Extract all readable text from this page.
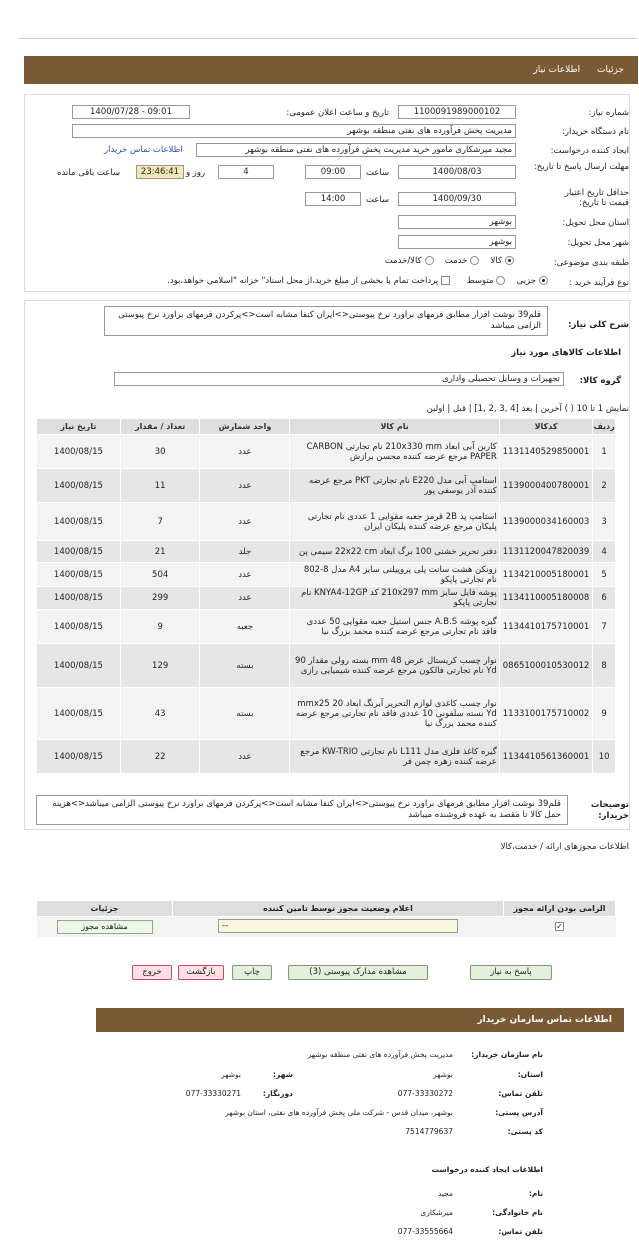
جزئیات اطلاعات نیاز
شماره نیاز:
1100091989000102
تاریخ و ساعت اعلان عمومی:
1400/07/28 - 09:01
نام دستگاه خریدار:
مدیریت پخش فرآورده های نفتی منطقه بوشهر
ایجاد کننده درخواست:
مجید میرشکاری مامور خرید مدیریت پخش فرآورده های نفتی منطقه بوشهر
اطلاعات تماس خریدار
مهلت ارسال پاسخ تا تاریخ:
1400/08/03
ساعت
09:00
4
روز و
23:46:41
ساعت باقی مانده
حداقل تاریخ اعتبار قیمت تا تاریخ:
1400/09/30
ساعت
14:00
استان محل تحویل:
بوشهر
شهر محل تحویل:
بوشهر
طبقه بندی موضوعی:
کالا   خدمت   کالا/خدمت
نوع فرآیند خرید :
جزیی   متوسط     پرداخت تمام یا بخشی از مبلغ خرید،از محل اسناد" خزانه "اسلامی خواهد،بود.
شرح کلی نیاز:
قلم39 نوشت افزار مطابق فرمهای براورد نرخ پیوستی<>ایران کنفا مشابه است<>پرکردن فرمهای براورد نرخ پیوستی الزامی میباشد
اطلاعات کالاهای مورد نیاز
گروه کالا:
تجهیزات و وسایل تحصیلی واداری
نمایش 1 تا 10 ( ) آخرین | بعد [4 ,3 ,2 ,1] | قبل | اولین
ردیف	کدکالا	نام کالا	واحد شمارش	تعداد / مقدار	تاریخ نیاز
1	1131140529850001	کاربن آبی ابعاد 210x330 mm نام تجارتی CARBON PAPER مرجع عرضه کننده محسن برازش	عدد	30	1400/08/15
2	1139000400780001	استامپ آبی مدل E220 نام تجارتی PKT مرجع عرضه کننده آذر یوسفی پور	عدد	11	1400/08/15
3	1139000034160003	استامپ پد 2B قرمز جعبه مقوایی 1 عددی نام تجارتی پلیکان مرجع عرضه کننده پلیکان ایران	عدد	7	1400/08/15
4	1131120047820039	دفتر تحریر خشتی 100 برگ ابعاد 22x22 cm سیمی پن	جلد	21	1400/08/15
5	1134210005180001	زونکن هشت سانت پلی پروپیلنی سایز A4 مدل 8-802 نام تجارتی پاپکو	عدد	504	1400/08/15
6	1134110005180008	پوشه فایل سایز 210x297 mm کد KNYA4-12GP نام تجارتی پاپکو	عدد	299	1400/08/15
7	1134410175710001	گیره پوشه A.B.S جنس استیل جعبه مقوایی 50 عددی فاقد نام تجارتی مرجع عرضه کننده محمد بزرگ نیا	جعبه	9	1400/08/15
8	0865100010530012	نوار چسب کریستال عرض 48 mm بسته رولی مقدار 90 Yd نام تجارتی فالکون مرجع عرضه کننده شیمیایی رازی	بسته	129	1400/08/15
9	1133100175710002	نوار چسب کاغذی لوازم التحریر آبرنگ ابعاد 20 mmx25 Yd بسته سلفونی 10 عددی فاقد نام تجارتی مرجع عرضه کننده محمد بزرگ نیا	بسته	43	1400/08/15
10	1134410561360001	گیره کاغذ فلزی مدل L111 نام تجارتی KW-TRIO مرجع عرضه کننده زهره چمن فر	عدد	22	1400/08/15
توضیحات خریدار:
قلم39 نوشت افزار مطابق فرمهای براورد نرخ پیوستی<>ایران کنفا مشابه است<>پرکردن فرمهای براورد نرخ پیوستی الزامی میباشد<>هزینه حمل کالا تا مقصد به عهده فروشنده میباشد
اطلاعات مجوزهای ارائه / خدمت،کالا
الزامی بودن ارائه مجوز	اعلام وضعیت مجوز توسط تامین کننده	جزئیات
✓	--	مشاهده مجوز
پاسخ به نیاز
مشاهده مدارک پیوستی (3)
چاپ
بازگشت
خروج
اطلاعات تماس سازمان خریدار
نام سازمان خریدار:
مدیریت پخش فرآورده های نفتی منطقه بوشهر
استان:
بوشهر
شهر:
بوشهر
تلفن تماس:
077-33330272
دورنگار:
077-33330271
آدرس پستی:
بوشهر، میدان قدس - شرکت ملی پخش فرآورده های نفتی، استان بوشهر
کد پستی:
7514779637
اطلاعات ایجاد کننده درخواست
نام:
مجید
نام خانوادگی:
میرشکاری
تلفن تماس:
077-33555664
